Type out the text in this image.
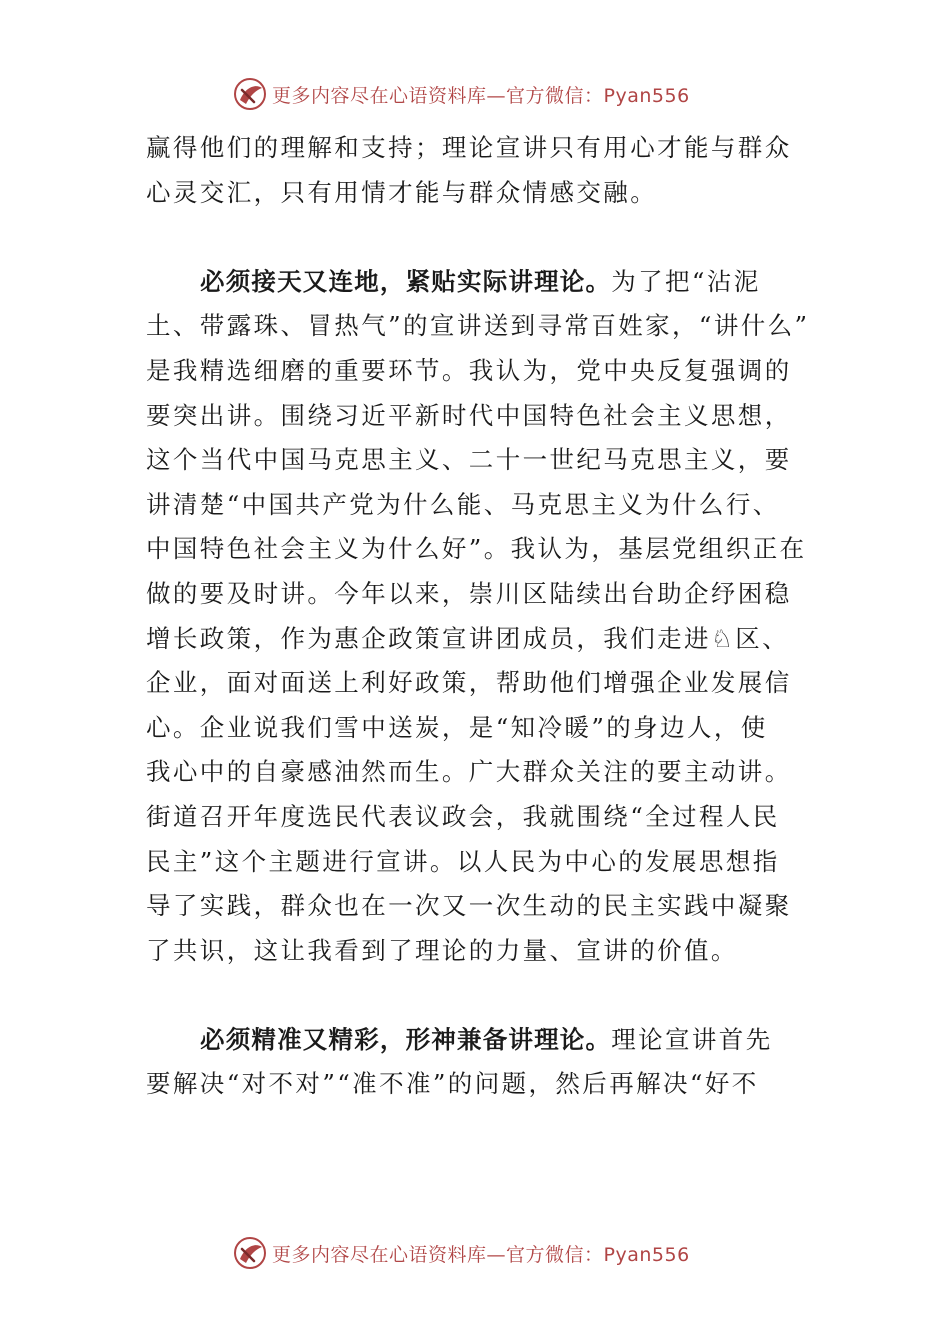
更多内容尽在心语资料库—官方微信：Pyan556
赢得他们的理解和支持；理论宣讲只有用心才能与群众
心灵交汇，只有用情才能与群众情感交融。
必须接天又连地，紧贴实际讲理论。为了把“沾泥
土、带露珠、冒热气”的宣讲送到寻常百姓家，“讲什么”
是我精选细磨的重要环节。我认为，党中央反复强调的
要突出讲。围绕习近平新时代中国特色社会主义思想，
这个当代中国马克思主义、二十一世纪马克思主义，要
讲清楚“中国共产党为什么能、马克思主义为什么行、
中国特色社会主义为什么好”。我认为，基层党组织正在
做的要及时讲。今年以来，崇川区陆续出台助企纾困稳
增长政策，作为惠企政策宣讲团成员，我们走进♘区、
企业，面对面送上利好政策，帮助他们增强企业发展信
心。企业说我们雪中送炭，是“知冷暖”的身边人，使
我心中的自豪感油然而生。广大群众关注的要主动讲。
街道召开年度选民代表议政会，我就围绕“全过程人民
民主”这个主题进行宣讲。以人民为中心的发展思想指
导了实践，群众也在一次又一次生动的民主实践中凝聚
了共识，这让我看到了理论的力量、宣讲的价值。
必须精准又精彩，形神兼备讲理论。理论宣讲首先
要解决“对不对”“准不准”的问题，然后再解决“好不
更多内容尽在心语资料库—官方微信：Pyan556
